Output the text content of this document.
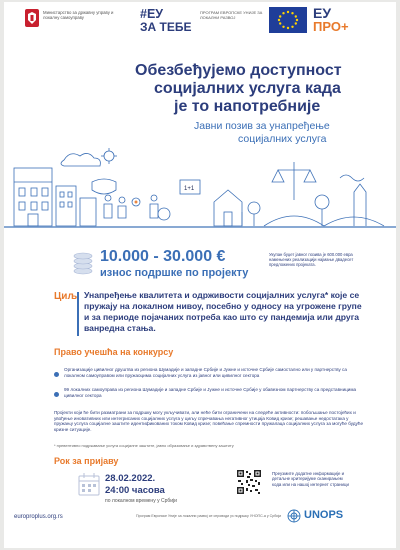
Министарство за државну управу и локалну самоуправу	#ЕУ
ЗА ТЕБЕ
ПРОГРАМ ЕВРОПСКЕ УНИЈЕ ЗА ЛОКАЛНИ РАЗВОЈ	ЕУ
ПРО+
Обезбеђујемо доступност
социјалних услуга када
је то напотребније
Јавни позив за унапређење
социјалних услуга
1+1
10.000 - 30.000 €
износ подршке по пројекту
Укупан буџет јавног позива је 600.000 евра намењених реализацији најмање двадесет предложених пројеката.
Циљ Унапређење квалитета и одрживости социјалних услуга* које се пружају на локалном нивоу, посебно у односу на угрожене групе и за периоде појачаних потреба као што су пандемија или друга ванредна стања.
Право учешћа на конкурсу
Организације цивилног друштва из региона Шумадије и западне Србије и Јужне и источне Србије самостално или у партнерству са локалном самоуправом или пружаоцима социјалних услуга из јавног или цивилног сектора
99 локалних самоуправа из региона Шумадије и западне Србије и Јужне и источне Србије у обавезном партнерству са представницима цивилног сектора
Пројекти који ће бити разматрани за подршку могу укључивати, али неће бити ограничени на следеће активности: побољшање постојећих и увођење иновативних или интегрисаних социјалних услуга у циљу спречавања негативног утицаја Ковид кризе; решавање недостатака у пружању услуга социјалне заштите идентификованих током Ковид кризе; повећање спремности пружалаца социјалних услуга за могуће будуће кризне ситуације.
* превентивно подржавање услуга социјалне заштите, јавно образовање и здравствену заштиту
Рок за пријаву
28.02.2022.
24:00 часова
по локалном времену у Србији
Преузмите додатне информације и детаљне критеријуме сканирањем кода или на нашој интернет страници
europroplus.org.rs	Програм Европске Уније за локални развој се спроводи уз подршку УНОПС-а у Србији	UNOPS
